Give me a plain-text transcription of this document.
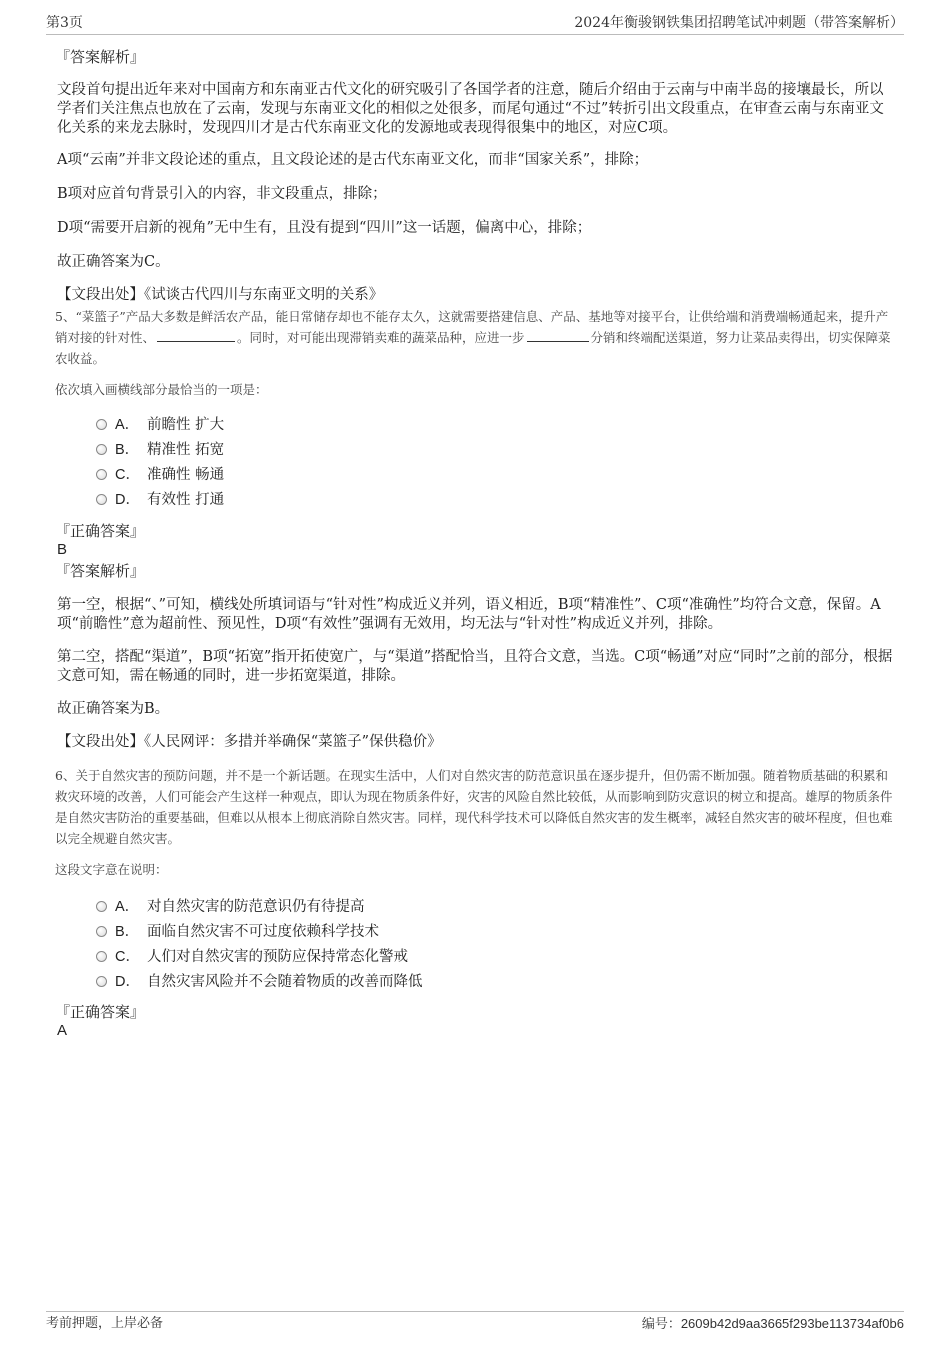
第3页	2024年衡骏钢铁集团招聘笔试冲刺题（带答案解析）
『答案解析』
文段首句提出近年来对中国南方和东南亚古代文化的研究吸引了各国学者的注意，随后介绍由于云南与中南半岛的接壤最长，所以学者们关注焦点也放在了云南，发现与东南亚文化的相似之处很多，而尾句通过“不过”转折引出文段重点，在审查云南与东南亚文化关系的来龙去脉时，发现四川才是古代东南亚文化的发源地或表现得很集中的地区，对应C项。
A项“云南”并非文段论述的重点，且文段论述的是古代东南亚文化，而非“国家关系”，排除；
B项对应首句背景引入的内容，非文段重点，排除；
D项“需要开启新的视角”无中生有，且没有提到“四川”这一话题，偏离中心，排除；
故正确答案为C。
【文段出处】《试谈古代四川与东南亚文明的关系》
5、“菜篮子”产品大多数是鲜活农产品，能日常储存却也不能存太久，这就需要搭建信息、产品、基地等对接平台，让供给端和消费端畅通起来，提升产销对接的针对性、	。同时，对可能出现滞销卖难的蔬菜品种，应进一步	分销和终端配送渠道，努力让菜品卖得出，切实保障菜农收益。
依次填入画横线部分最恰当的一项是：
A． 前瞻性 扩大
B． 精准性 拓宽
C． 准确性 畅通
D． 有效性 打通
『正确答案』
B
『答案解析』
第一空，根据“、”可知，横线处所填词语与“针对性”构成近义并列，语义相近，B项“精准性”、C项“准确性”均符合文意，保留。A项“前瞻性”意为超前性、预见性，D项“有效性”强调有无效用，均无法与“针对性”构成近义并列，排除。
第二空，搭配“渠道”，B项“拓宽”指开拓使宽广，与“渠道”搭配恰当，且符合文意，当选。C项“畅通”对应“同时”之前的部分，根据文意可知，需在畅通的同时，进一步拓宽渠道，排除。
故正确答案为B。
【文段出处】《人民网评：多措并举确保“菜篮子”保供稳价》
6、关于自然灾害的预防问题，并不是一个新话题。在现实生活中，人们对自然灾害的防范意识虽在逐步提升，但仍需不断加强。随着物质基础的积累和救灾环境的改善，人们可能会产生这样一种观点，即认为现在物质条件好，灾害的风险自然比较低，从而影响到防灾意识的树立和提高。雄厚的物质条件是自然灾害防治的重要基础，但难以从根本上彻底消除自然灾害。同样，现代科学技术可以降低自然灾害的发生概率，减轻自然灾害的破坏程度，但也难以完全规避自然灾害。
这段文字意在说明：
A． 对自然灾害的防范意识仍有待提高
B． 面临自然灾害不可过度依赖科学技术
C． 人们对自然灾害的预防应保持常态化警戒
D． 自然灾害风险并不会随着物质的改善而降低
『正确答案』
A
考前押题，上岸必备	编号：2609b42d9aa3665f293be113734af0b6
